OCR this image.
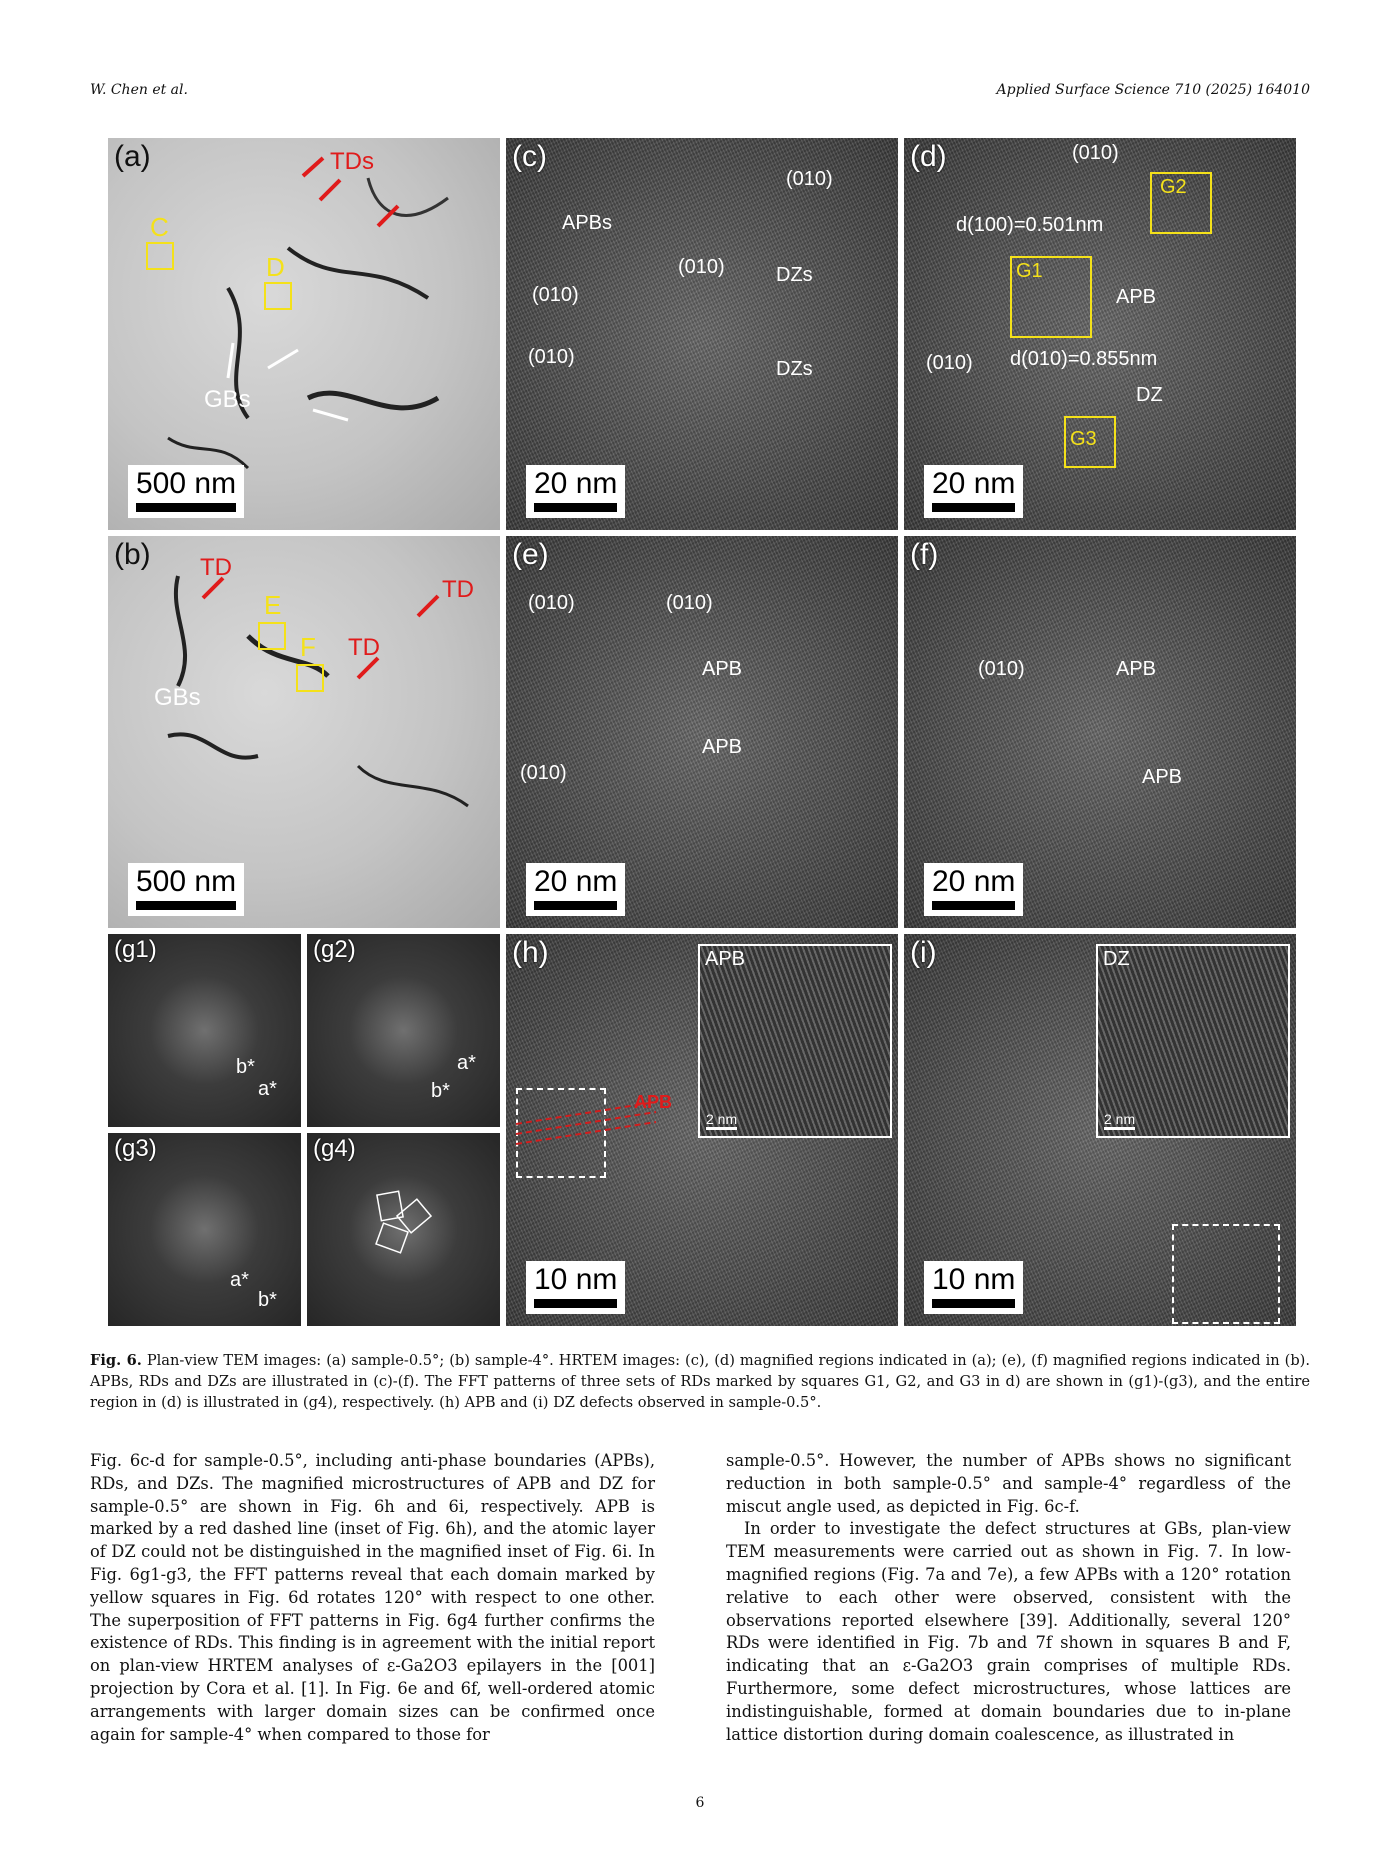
W. Chen et al.	Applied Surface Science 710 (2025) 164010
(a)	TDs
C
D
GBs
500 nm
(c)
APBs
(010)
(010)
(010)
(010)
DZs
DZs
20 nm
(d)	(010)
d(100)=0.501nm
G1
G2
APB
(010) d(010)=0.855nm
DZ
G3
20 nm
(b) TD
TD
TD
E
F
GBs
500 nm
(e)
(010)	(010)
APB
APB
(010)
20 nm
(f)
(010)	APB
APB
20 nm
(g1)
b*
a*
(g2)
a*
b*
(g3)
a*
b*
(g4)
(h)
APB
APB
2 nm
10 nm
(i)	DZ
2 nm
10 nm
Fig. 6. Plan-view TEM images: (a) sample-0.5°; (b) sample-4°. HRTEM images: (c), (d) magnified regions indicated in (a); (e), (f) magnified regions indicated in (b). APBs, RDs and DZs are illustrated in (c)-(f). The FFT patterns of three sets of RDs marked by squares G1, G2, and G3 in d) are shown in (g1)-(g3), and the entire region in (d) is illustrated in (g4), respectively. (h) APB and (i) DZ defects observed in sample-0.5°.

Fig. 6c-d for sample-0.5°, including anti-phase boundaries (APBs), RDs, and DZs. The magnified microstructures of APB and DZ for sample-0.5° are shown in Fig. 6h and 6i, respectively. APB is marked by a red dashed line (inset of Fig. 6h), and the atomic layer of DZ could not be distinguished in the magnified inset of Fig. 6i. In Fig. 6g1-g3, the FFT patterns reveal that each domain marked by yellow squares in Fig. 6d rotates 120° with respect to one other. The superposition of FFT patterns in Fig. 6g4 further confirms the existence of RDs. This finding is in agreement with the initial report on plan-view HRTEM analyses of ε-Ga2O3 epilayers in the [001] projection by Cora et al. [1]. In Fig. 6e and 6f, well-ordered atomic arrangements with larger domain sizes can be confirmed once again for sample-4° when compared to those for

sample-0.5°. However, the number of APBs shows no significant reduction in both sample-0.5° and sample-4° regardless of the miscut angle used, as depicted in Fig. 6c-f.

In order to investigate the defect structures at GBs, plan-view TEM measurements were carried out as shown in Fig. 7. In low-magnified regions (Fig. 7a and 7e), a few APBs with a 120° rotation relative to each other were observed, consistent with the observations reported elsewhere [39]. Additionally, several 120° RDs were identified in Fig. 7b and 7f shown in squares B and F, indicating that an ε-Ga2O3 grain comprises of multiple RDs. Furthermore, some defect microstructures, whose lattices are indistinguishable, formed at domain boundaries due to in-plane lattice distortion during domain coalescence, as illustrated in

6
